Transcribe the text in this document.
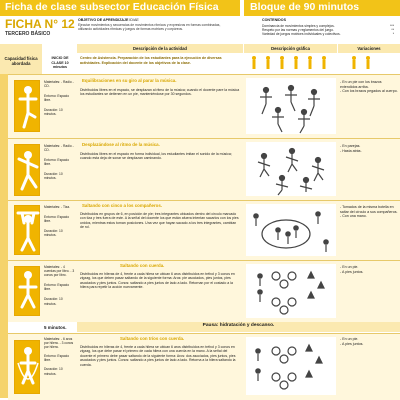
Ficha de clase subsector Educación Física	Bloque de 90 minutos
FICHA N° 12
TERCERO BÁSICO
OBJETIVO DE APRENDIZAJE ID/AE
Ejecutar movimientos y secuencias de movimientos rítmicos y expresivos en formas combinadas, utilizando actividades rítmicas y juegos de formas motrices y corpóreos.
CONTENIDOS
Dominancia de movimientos simples y complejos.	***
Respeto por las normas y reglamentos del juego.	**
Variedad de juegos motrices individuales y colectivos.	*
Capacidad física abordada
Descripción de la actividad	Descripción gráfica	Variaciones
INICIO DE CLASE 10 minutos
Centro de Asistencia. Preparación de los estudiantes para la ejecución de diversas actividades. Explicación del docente de los objetivos de la clase.
Materiales: - Radio - CD.
Entorno: Espacio libre.
Duración: 10 minutos.
Equilibraciones en su giro al parar la música.
Distribuidos libres en el espacio, se desplazan al ritmo de la música; cuando el docente pare la música los estudiantes se detienen en un pie, manteniéndose por 30 segundos.
- En un pie con los brazos extendidos arriba.
- Con los brazos pegados al cuerpo.
Materiales: - Radio - CD.
Entorno: Espacio libre.
Duración: 10 minutos.
Desplazándose al ritmo de la música.
Distribuidos libres en el espacio en forma individual, los estudiantes imitan el sonido de la música; cuando esta deja de sonar se desplazan caminando.
- En parejas.
- Hasta atrás.
Materiales: - Tiza.
Entorno: Espacio libre.
Duración: 10 minutos.
Saltando con cinco a los compañeros.
Distribuidos en grupos de 6, en posición de pie; tres integrantes ubicados dentro del círculo marcado con tiza y tres fuera de este. A la señal del docente los que están afuera intentan sacarlos con los pies unidos, mientras estos toman posiciones. Una vez que hayan sacado a los tres integrantes, cambian de rol.
- Tomados de la misma botella en saltar del círculo a sus compañeros.
- Con una mano.
Materiales: - 4 cuerdas por libro. - 3 conos por libro.
Entorno: Espacio libre.
Duración: 10 minutos.
Saltando con cuerda.
Distribuidos en hileras de 4, frente a cada hilera se ubican 6 aros distribuidos en trébol y 3 conos en zigzag, los que deben pasar saltando de la siguiente forma: Aros: pie asociados, pies juntos, pies asociados y pies juntos. Conos: saltando a pies juntos de lado a lado. Retornan por el costado a la hilera para repetir la acción nuevamente.
- En un pie.
- A pies juntos.
5 minutos.	Pausa: hidratación y descanso.
Materiales: - 6 aros por hilera. - 3 conos por hilera.
Entorno: Espacio libre.
Duración: 10 minutos.
Saltando con tríos con cuerda.
Distribuidos en hileras de 4, frente a cada hilera se ubican 6 aros distribuidos en trébol y 3 conos en zigzag, los que debe pasar el primero de cada hilera con una cuerda en la mano. A la señal del docente el primero debe pasar saltando de la siguiente forma: Aros: dos asociados, pies juntos, pies asociados y pies juntos. Conos: saltando a pies juntos de lado a lado. Retorna a la hilera saltando la cuerda.
- En un pie.
- A pies juntos.
